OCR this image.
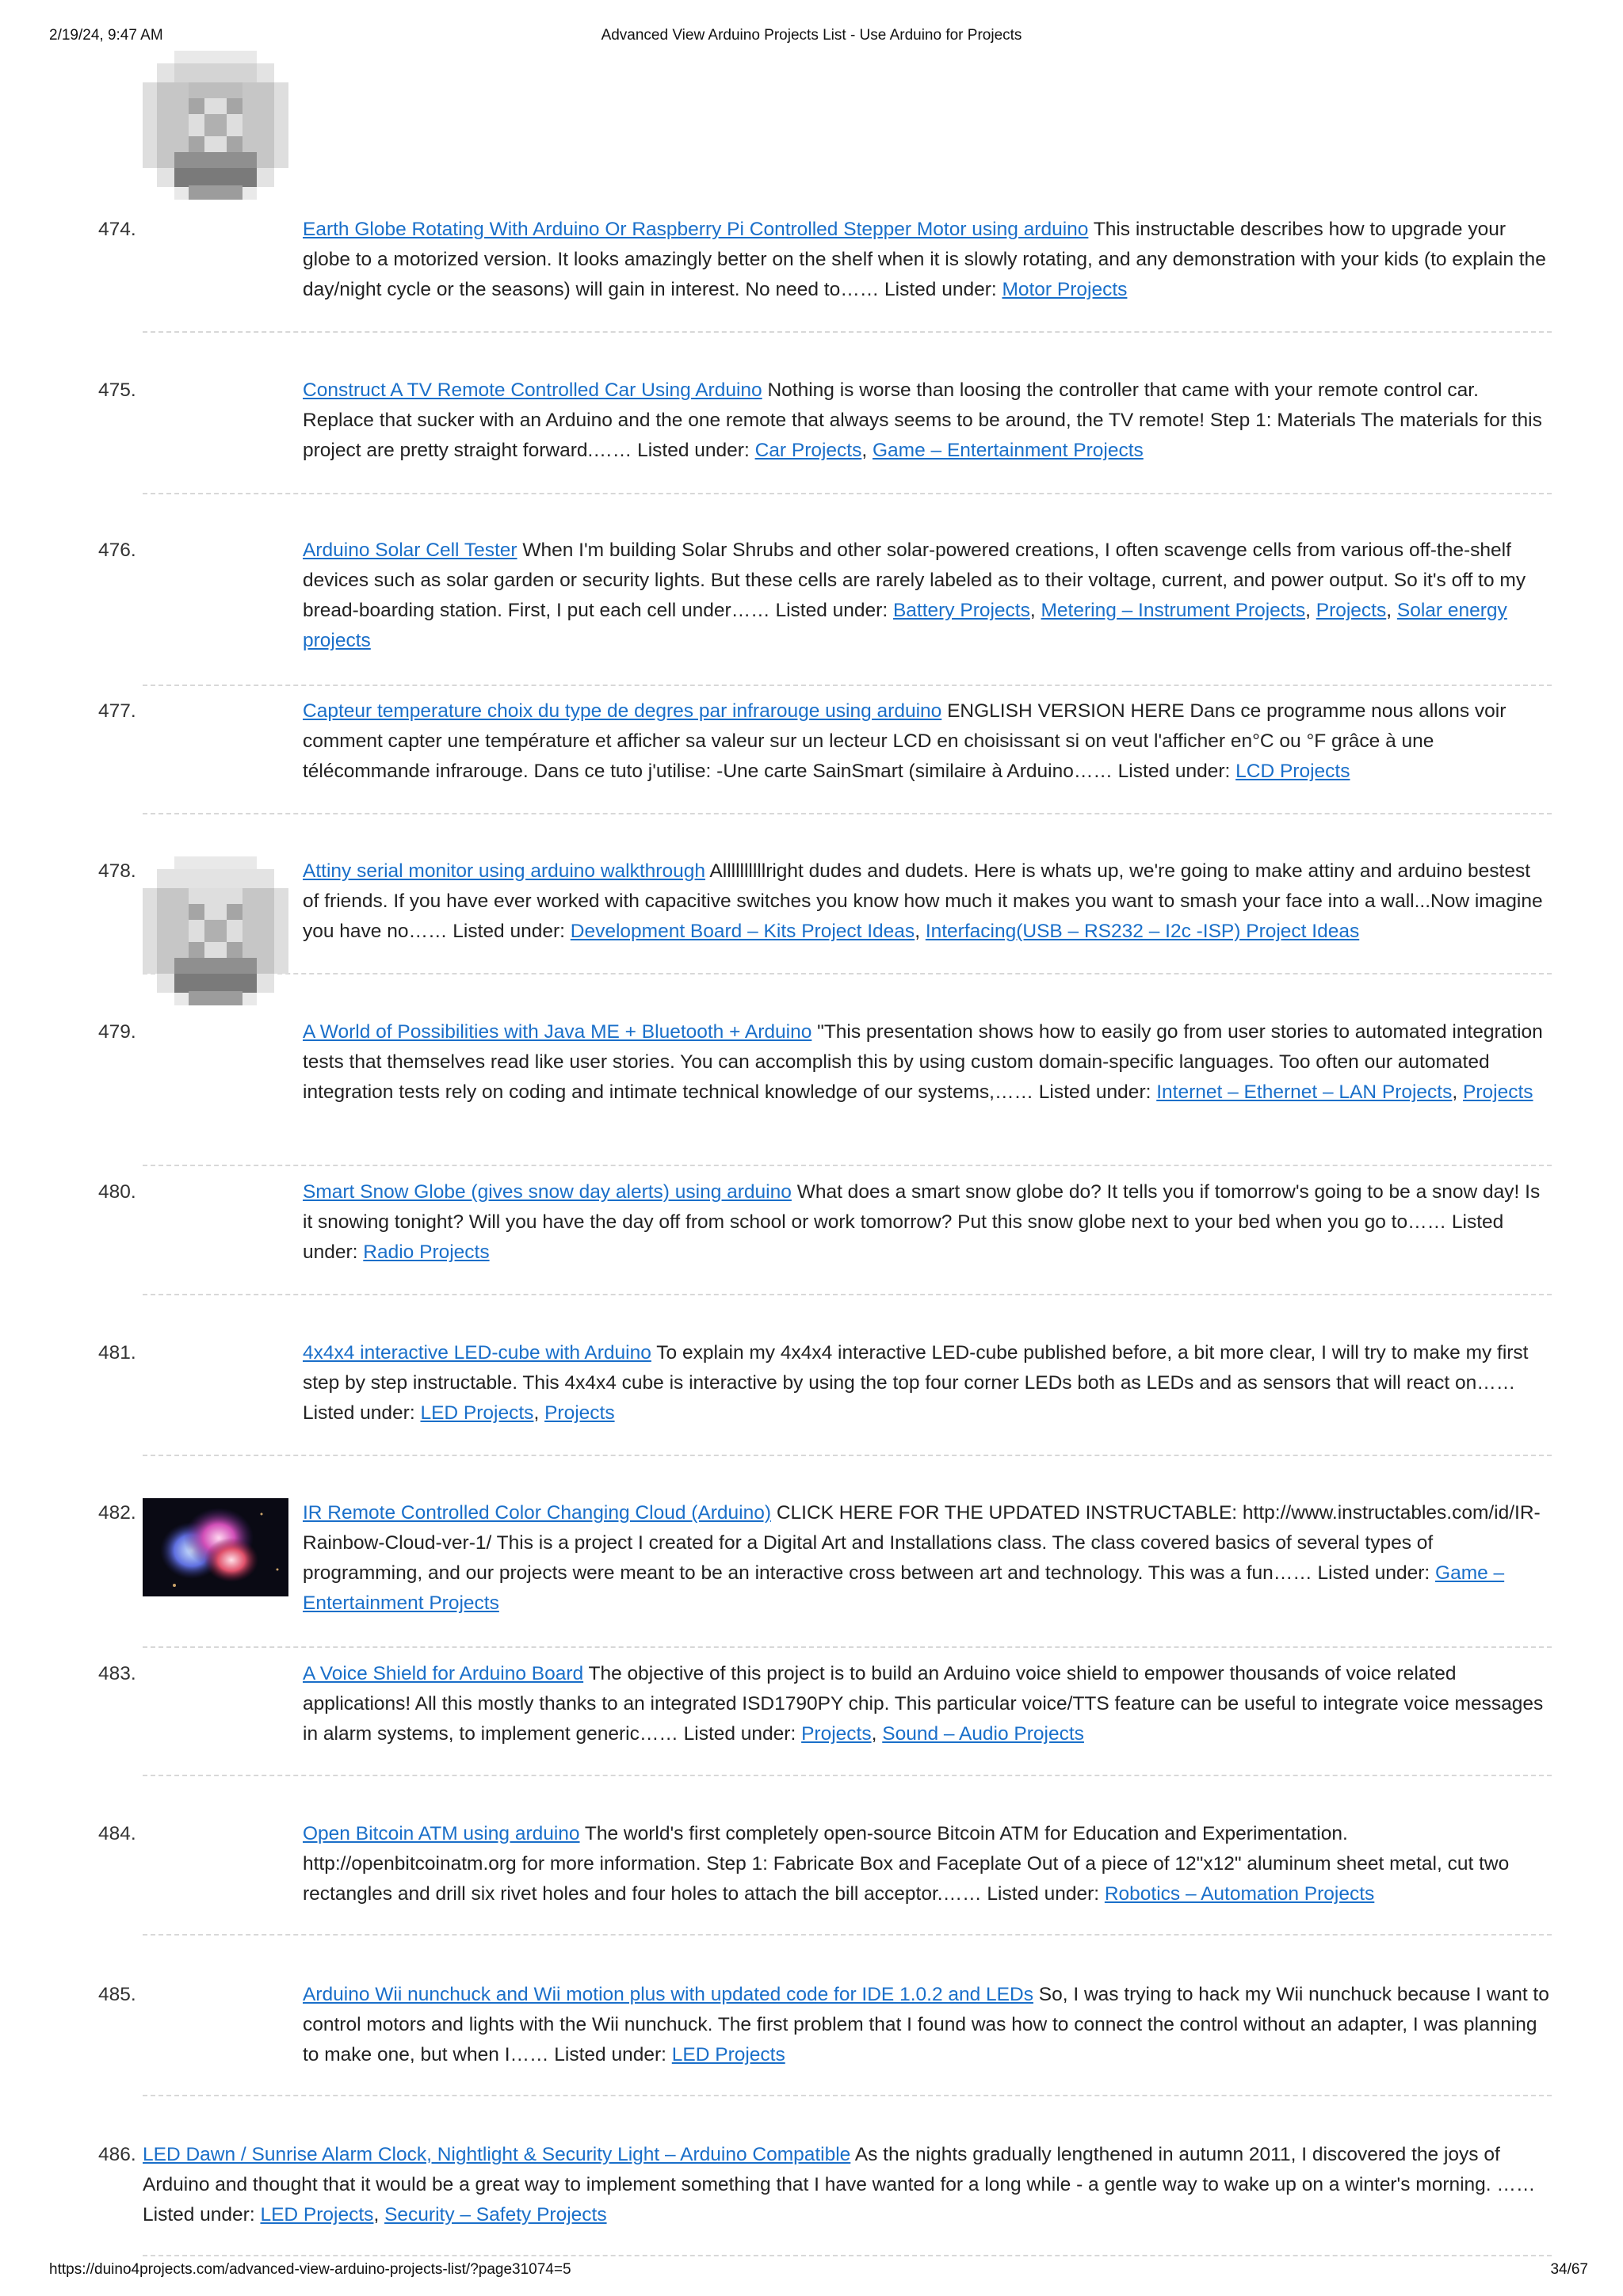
2/19/24, 9:47 AM	Advanced View Arduino Projects List - Use Arduino for Projects
474.	Earth Globe Rotating With Arduino Or Raspberry Pi Controlled Stepper Motor using arduino This instructable describes how to upgrade your globe to a motorized version. It looks amazingly better on the shelf when it is slowly rotating, and any demonstration with your kids (to explain the day/night cycle or the seasons) will gain in interest. No need to…… Listed under: Motor Projects
475.	Construct A TV Remote Controlled Car Using Arduino Nothing is worse than loosing the controller that came with your remote control car. Replace that sucker with an Arduino and the one remote that always seems to be around, the TV remote! Step 1: Materials The materials for this project are pretty straight forward.…… Listed under: Car Projects, Game – Entertainment Projects
476.	Arduino Solar Cell Tester When I'm building Solar Shrubs and other solar-powered creations, I often scavenge cells from various off-the-shelf devices such as solar garden or security lights. But these cells are rarely labeled as to their voltage, current, and power output. So it's off to my bread-boarding station. First, I put each cell under…… Listed under: Battery Projects, Metering – Instrument Projects, Projects, Solar energy projects
477.	Capteur temperature choix du type de degres par infrarouge using arduino ENGLISH VERSION HERE Dans ce programme nous allons voir comment capter une température et afficher sa valeur sur un lecteur LCD en choisissant si on veut l'afficher en°C ou °F grâce à une télécommande infrarouge. Dans ce tuto j'utilise: -Une carte SainSmart (similaire à Arduino…… Listed under: LCD Projects
478.	Attiny serial monitor using arduino walkthrough Allllllllllright dudes and dudets. Here is whats up, we're going to make attiny and arduino bestest of friends. If you have ever worked with capacitive switches you know how much it makes you want to smash your face into a wall...Now imagine you have no…… Listed under: Development Board – Kits Project Ideas, Interfacing(USB – RS232 – I2c -ISP) Project Ideas
479.	A World of Possibilities with Java ME + Bluetooth + Arduino "This presentation shows how to easily go from user stories to automated integration tests that themselves read like user stories. You can accomplish this by using custom domain-specific languages. Too often our automated integration tests rely on coding and intimate technical knowledge of our systems,…… Listed under: Internet – Ethernet – LAN Projects, Projects
480.	Smart Snow Globe (gives snow day alerts) using arduino What does a smart snow globe do? It tells you if tomorrow's going to be a snow day! Is it snowing tonight? Will you have the day off from school or work tomorrow? Put this snow globe next to your bed when you go to…… Listed under: Radio Projects
481.	4x4x4 interactive LED-cube with Arduino To explain my 4x4x4 interactive LED-cube published before, a bit more clear, I will try to make my first step by step instructable. This 4x4x4 cube is interactive by using the top four corner LEDs both as LEDs and as sensors that will react on…… Listed under: LED Projects, Projects
482.	IR Remote Controlled Color Changing Cloud (Arduino) CLICK HERE FOR THE UPDATED INSTRUCTABLE: http://www.instructables.com/id/IR-Rainbow-Cloud-ver-1/ This is a project I created for a Digital Art and Installations class. The class covered basics of several types of programming, and our projects were meant to be an interactive cross between art and technology. This was a fun…… Listed under: Game – Entertainment Projects
483.	A Voice Shield for Arduino Board The objective of this project is to build an Arduino voice shield to empower thousands of voice related applications! All this mostly thanks to an integrated ISD1790PY chip. This particular voice/TTS feature can be useful to integrate voice messages in alarm systems, to implement generic…… Listed under: Projects, Sound – Audio Projects
484.	Open Bitcoin ATM using arduino The world's first completely open-source Bitcoin ATM for Education and Experimentation. http://openbitcoinatm.org for more information. Step 1: Fabricate Box and Faceplate Out of a piece of 12"x12" aluminum sheet metal, cut two rectangles and drill six rivet holes and four holes to attach the bill acceptor.…… Listed under: Robotics – Automation Projects
485.	Arduino Wii nunchuck and Wii motion plus with updated code for IDE 1.0.2 and LEDs So, I was trying to hack my Wii nunchuck because I want to control motors and lights with the Wii nunchuck. The first problem that I found was how to connect the control without an adapter, I was planning to make one, but when I…… Listed under: LED Projects
486. LED Dawn / Sunrise Alarm Clock, Nightlight & Security Light – Arduino Compatible As the nights gradually lengthened in autumn 2011, I discovered the joys of Arduino and thought that it would be a great way to implement something that I have wanted for a long while - a gentle way to wake up on a winter's morning. …… Listed under: LED Projects, Security – Safety Projects
https://duino4projects.com/advanced-view-arduino-projects-list/?page31074=5	34/67
